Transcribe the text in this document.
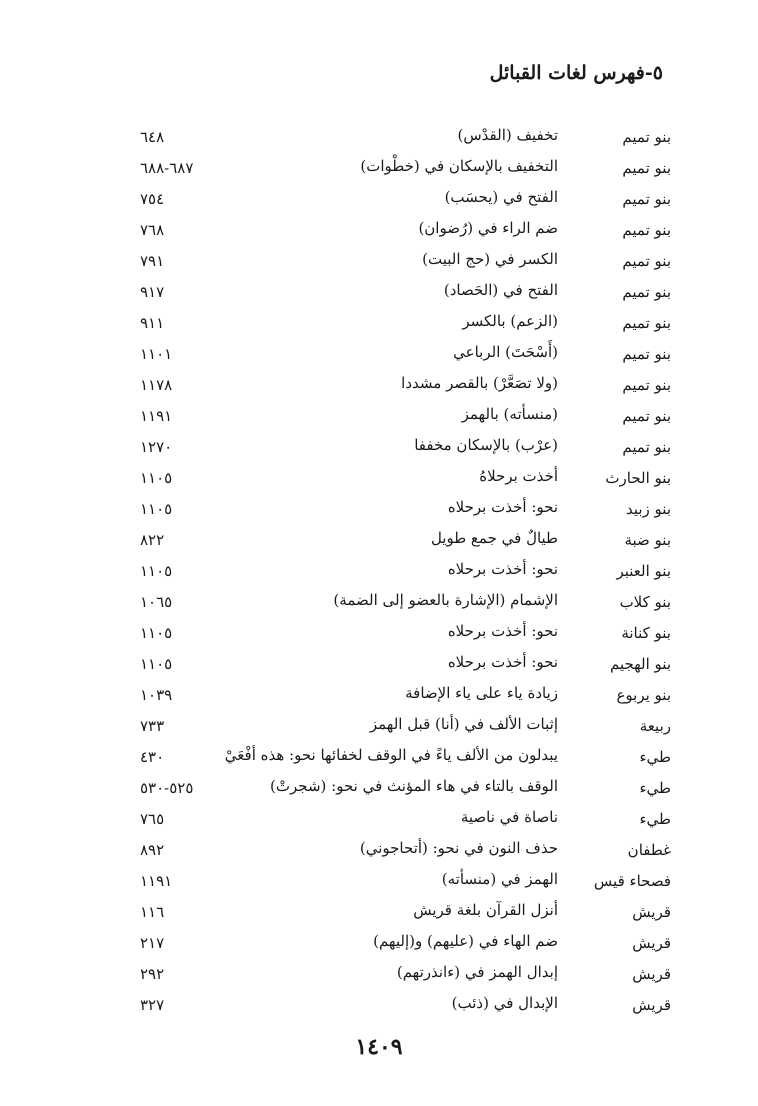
٥-فهرس لغات القبائل
بنو تميم
تخفيف (القدْس)
٦٤٨
بنو تميم
التخفيف بالإسكان في (خطْوات)
٦٨٧-٦٨٨
بنو تميم
الفتح في (يحسَب)
٧٥٤
بنو تميم
ضم الراء في (رُضوان)
٧٦٨
بنو تميم
الكسر في (حج البيت)
٧٩١
بنو تميم
الفتح في (الحَصاد)
٩١٧
بنو تميم
(الزعم) بالكسر
٩١١
بنو تميم
(أَسْحَتَ) الرباعي
١١٠١
بنو تميم
(ولا تصَعَّرْ) بالقصر مشددا
١١٧٨
بنو تميم
(منسأته) بالهمز
١١٩١
بنو تميم
(عرْب) بالإسكان مخففا
١٢٧٠
بنو الحارث
أخذت برحلاهُ
١١٠٥
بنو زبيد
نحو: أخذت برحلاه
١١٠٥
بنو ضبة
طيالٌ في جمع طويل
٨٢٢
بنو العنبر
نحو: أخذت برحلاه
١١٠٥
بنو كلاب
الإشمام (الإشارة بالعضو إلى الضمة)
١٠٦٥
بنو كنانة
نحو: أخذت برحلاه
١١٠٥
بنو الهجيم
نحو: أخذت برحلاه
١١٠٥
بنو يربوع
زيادة ياء على ياء الإضافة
١٠٣٩
ربيعة
إثبات الألف في (أنا) قبل الهمز
٧٣٣
طيء
يبدلون من الألف ياءً في الوقف لخفائها نحو: هذه أفْعَيْ
٤٣٠
طيء
الوقف بالتاء في هاء المؤنث في نحو: (شجرتْ)
٥٢٥-٥٣٠
طيء
ناصاة في ناصية
٧٦٥
غطفان
حذف النون في نحو: (أتحاجوني)
٨٩٢
فصحاء قيس
الهمز في (منسأته)
١١٩١
قريش
أنزل القرآن بلغة قريش
١١٦
قريش
ضم الهاء في (عليهم) و(إليهم)
٢١٧
قريش
إبدال الهمز في (ءانذرتهم)
٢٩٢
قريش
الإبدال في (ذئب)
٣٢٧
١٤٠٩
